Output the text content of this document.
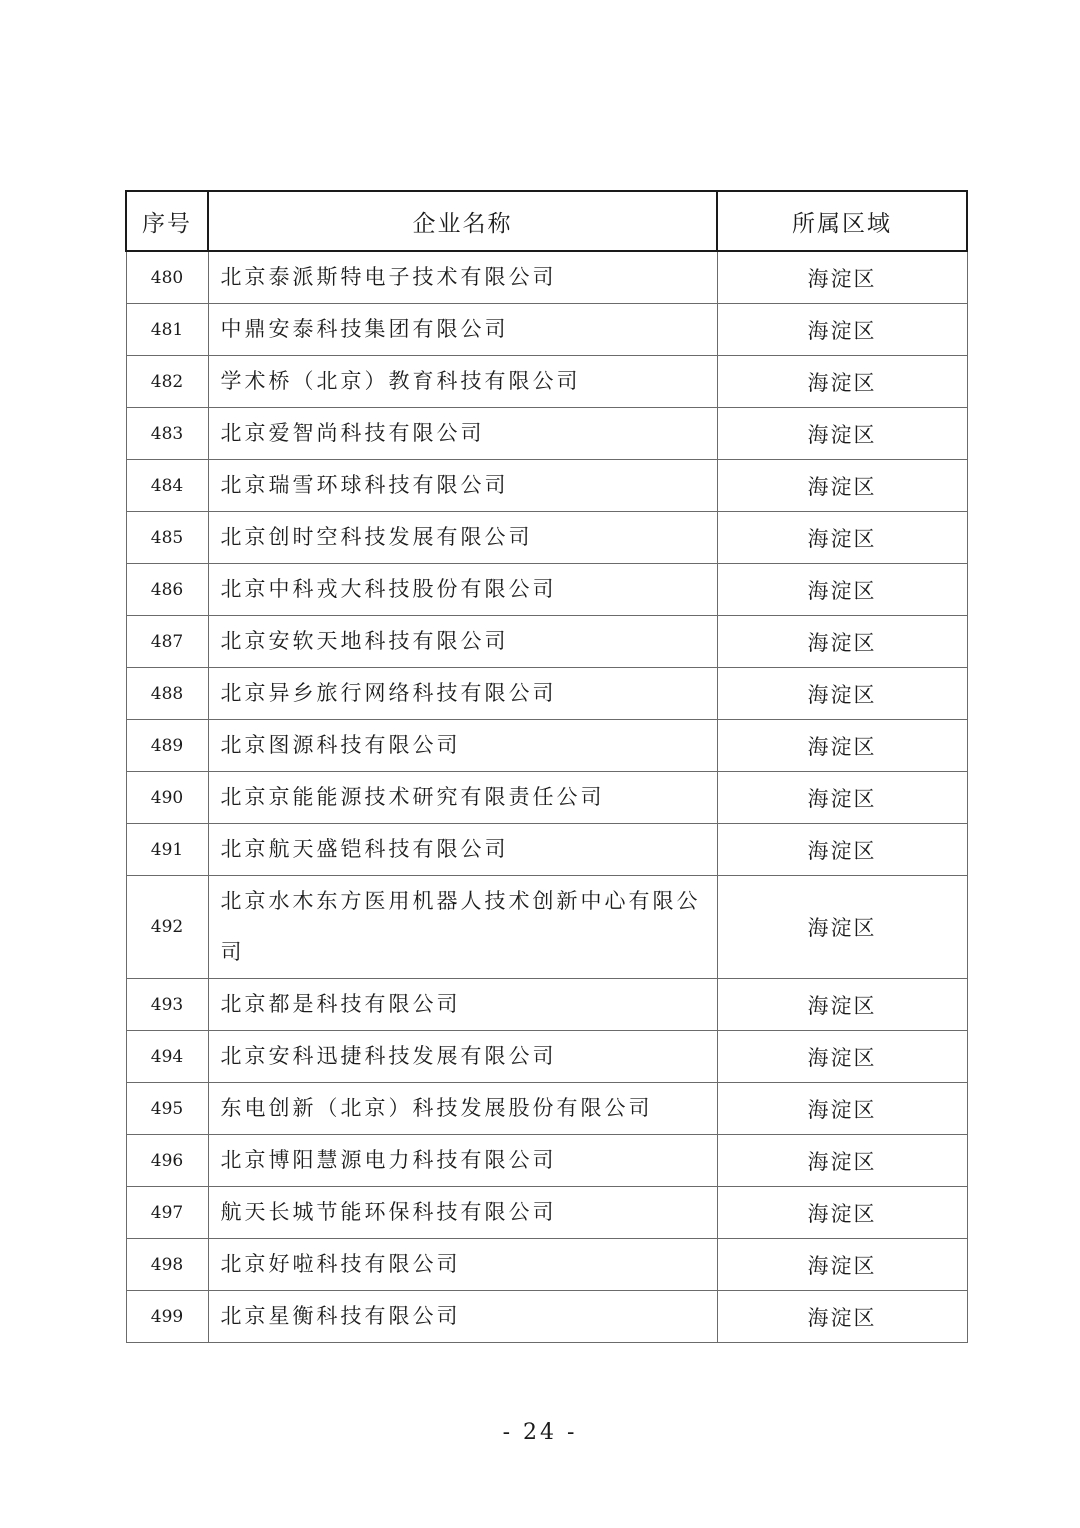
序号	企业名称	所属区域
480	北京泰派斯特电子技术有限公司	海淀区
481	中鼎安泰科技集团有限公司	海淀区
482	学术桥（北京）教育科技有限公司	海淀区
483	北京爱智尚科技有限公司	海淀区
484	北京瑞雪环球科技有限公司	海淀区
485	北京创时空科技发展有限公司	海淀区
486	北京中科戎大科技股份有限公司	海淀区
487	北京安软天地科技有限公司	海淀区
488	北京异乡旅行网络科技有限公司	海淀区
489	北京图源科技有限公司	海淀区
490	北京京能能源技术研究有限责任公司	海淀区
491	北京航天盛铠科技有限公司	海淀区
492	北京水木东方医用机器人技术创新中心有限公司	海淀区
493	北京都是科技有限公司	海淀区
494	北京安科迅捷科技发展有限公司	海淀区
495	东电创新（北京）科技发展股份有限公司	海淀区
496	北京博阳慧源电力科技有限公司	海淀区
497	航天长城节能环保科技有限公司	海淀区
498	北京好啦科技有限公司	海淀区
499	北京星衡科技有限公司	海淀区
- 24 -
